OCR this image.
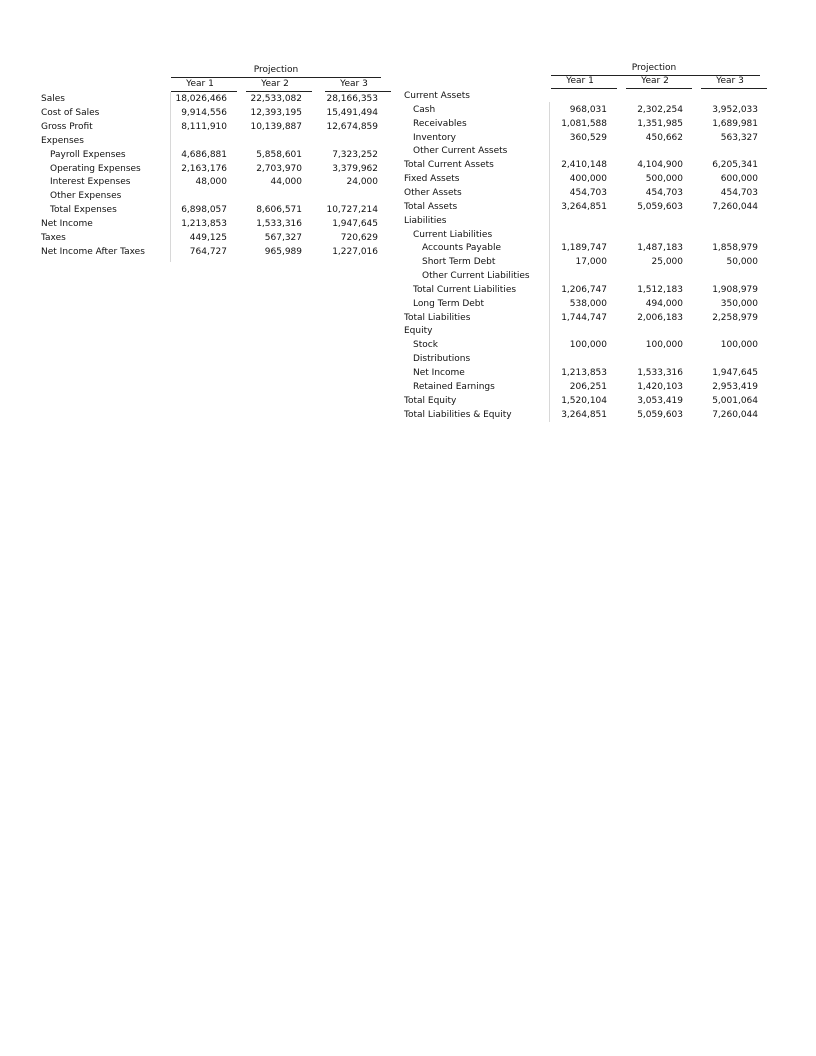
Projection
Year 1	Year 2	Year 3
Sales	18,026,466	22,533,082	28,166,353
Cost of Sales	9,914,556	12,393,195	15,491,494
Gross Profit	8,111,910	10,139,887	12,674,859
Expenses
Payroll Expenses	4,686,881	5,858,601	7,323,252
Operating Expenses	2,163,176	2,703,970	3,379,962
Interest Expenses	48,000	44,000	24,000
Other Expenses
Total Expenses	6,898,057	8,606,571	10,727,214
Net Income	1,213,853	1,533,316	1,947,645
Taxes	449,125	567,327	720,629
Net Income After Taxes	764,727	965,989	1,227,016
Projection
Year 1	Year 2	Year 3
Current Assets
Cash	968,031	2,302,254	3,952,033
Receivables	1,081,588	1,351,985	1,689,981
Inventory	360,529	450,662	563,327
Other Current Assets
Total Current Assets	2,410,148	4,104,900	6,205,341
Fixed Assets	400,000	500,000	600,000
Other Assets	454,703	454,703	454,703
Total Assets	3,264,851	5,059,603	7,260,044
Liabilities
Current Liabilities
Accounts Payable	1,189,747	1,487,183	1,858,979
Short Term Debt	17,000	25,000	50,000
Other Current Liabilities
Total Current Liabilities	1,206,747	1,512,183	1,908,979
Long Term Debt	538,000	494,000	350,000
Total Liabilities	1,744,747	2,006,183	2,258,979
Equity
Stock	100,000	100,000	100,000
Distributions
Net Income	1,213,853	1,533,316	1,947,645
Retained Earnings	206,251	1,420,103	2,953,419
Total Equity	1,520,104	3,053,419	5,001,064
Total Liabilities & Equity	3,264,851	5,059,603	7,260,044
